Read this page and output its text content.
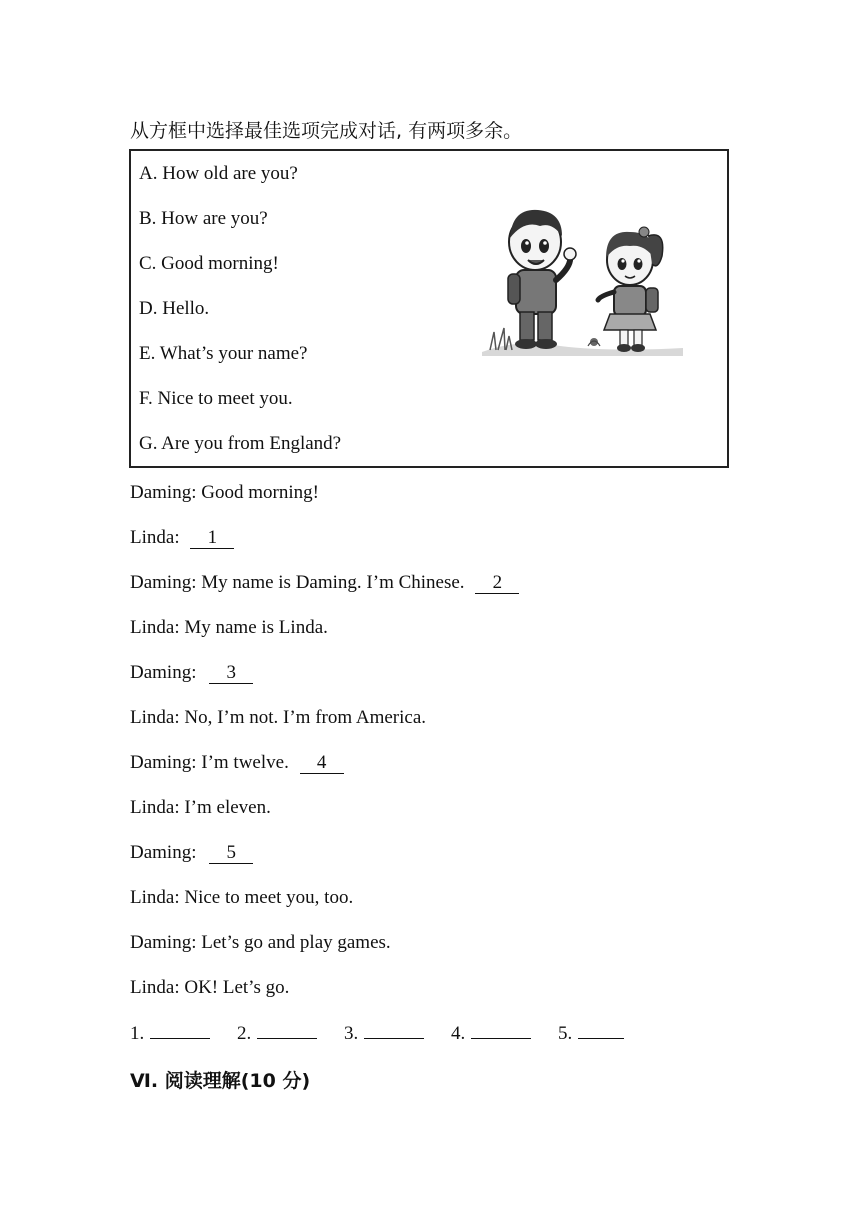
从方框中选择最佳选项完成对话, 有两项多余。
A. How old are you?
B. How are you?
C. Good morning!
D. Hello.
E. What’s your name?
F. Nice to meet you.
G. Are you from England?
Daming: Good morning!
Linda: 1
Daming: My name is Daming. I’m Chinese. 2
Linda: My name is Linda.
Daming: 3
Linda: No, I’m not. I’m from America.
Daming: I’m twelve. 4
Linda: I’m eleven.
Daming: 5
Linda: Nice to meet you, too.
Daming: Let’s go and play games.
Linda: OK! Let’s go.
1.	2.	3.	4.	5.
Ⅵ. 阅读理解(10 分)
